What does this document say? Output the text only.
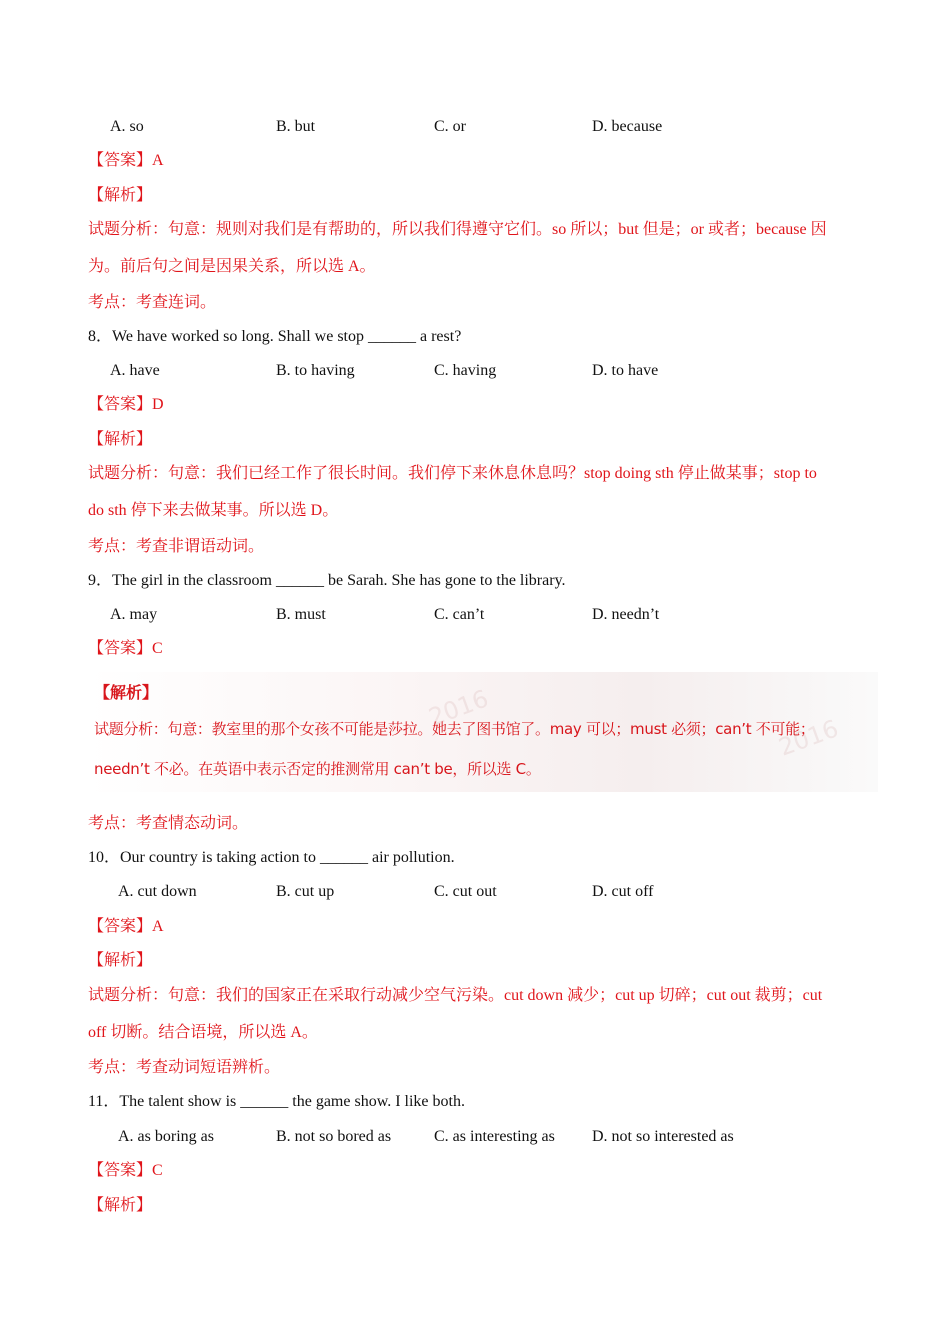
A. so	B. but	C. or	D. because
【答案】A
【解析】
试题分析：句意：规则对我们是有帮助的，所以我们得遵守它们。so 所以；but 但是；or 或者；because 因
为。前后句之间是因果关系，所以选 A。
考点：考查连词。
8．We have worked so long. Shall we stop ______ a rest?
A. have	B. to having	C. having	D. to have
【答案】D
【解析】
试题分析：句意：我们已经工作了很长时间。我们停下来休息休息吗？stop doing sth 停止做某事；stop to
do sth 停下来去做某事。所以选 D。
考点：考查非谓语动词。
9．The girl in the classroom ______ be Sarah. She has gone to the library.
A. may	B. must	C. can’t	D. needn’t
【答案】C
2016
2016
【解析】
试题分析：句意：教室里的那个女孩不可能是莎拉。她去了图书馆了。may 可以；must 必须；can’t 不可能；
needn’t 不必。在英语中表示否定的推测常用 can’t be，所以选 C。
考点：考查情态动词。
10．Our country is taking action to ______ air pollution.
A. cut down	B. cut up	C. cut out	D. cut off
【答案】A
【解析】
试题分析：句意：我们的国家正在采取行动减少空气污染。cut down 减少；cut up 切碎；cut out 裁剪；cut
off 切断。结合语境，所以选 A。
考点：考查动词短语辨析。
11．The talent show is ______ the game show. I like both.
A. as boring as	B. not so bored as	C. as interesting as D. not so interested as
【答案】C
【解析】
